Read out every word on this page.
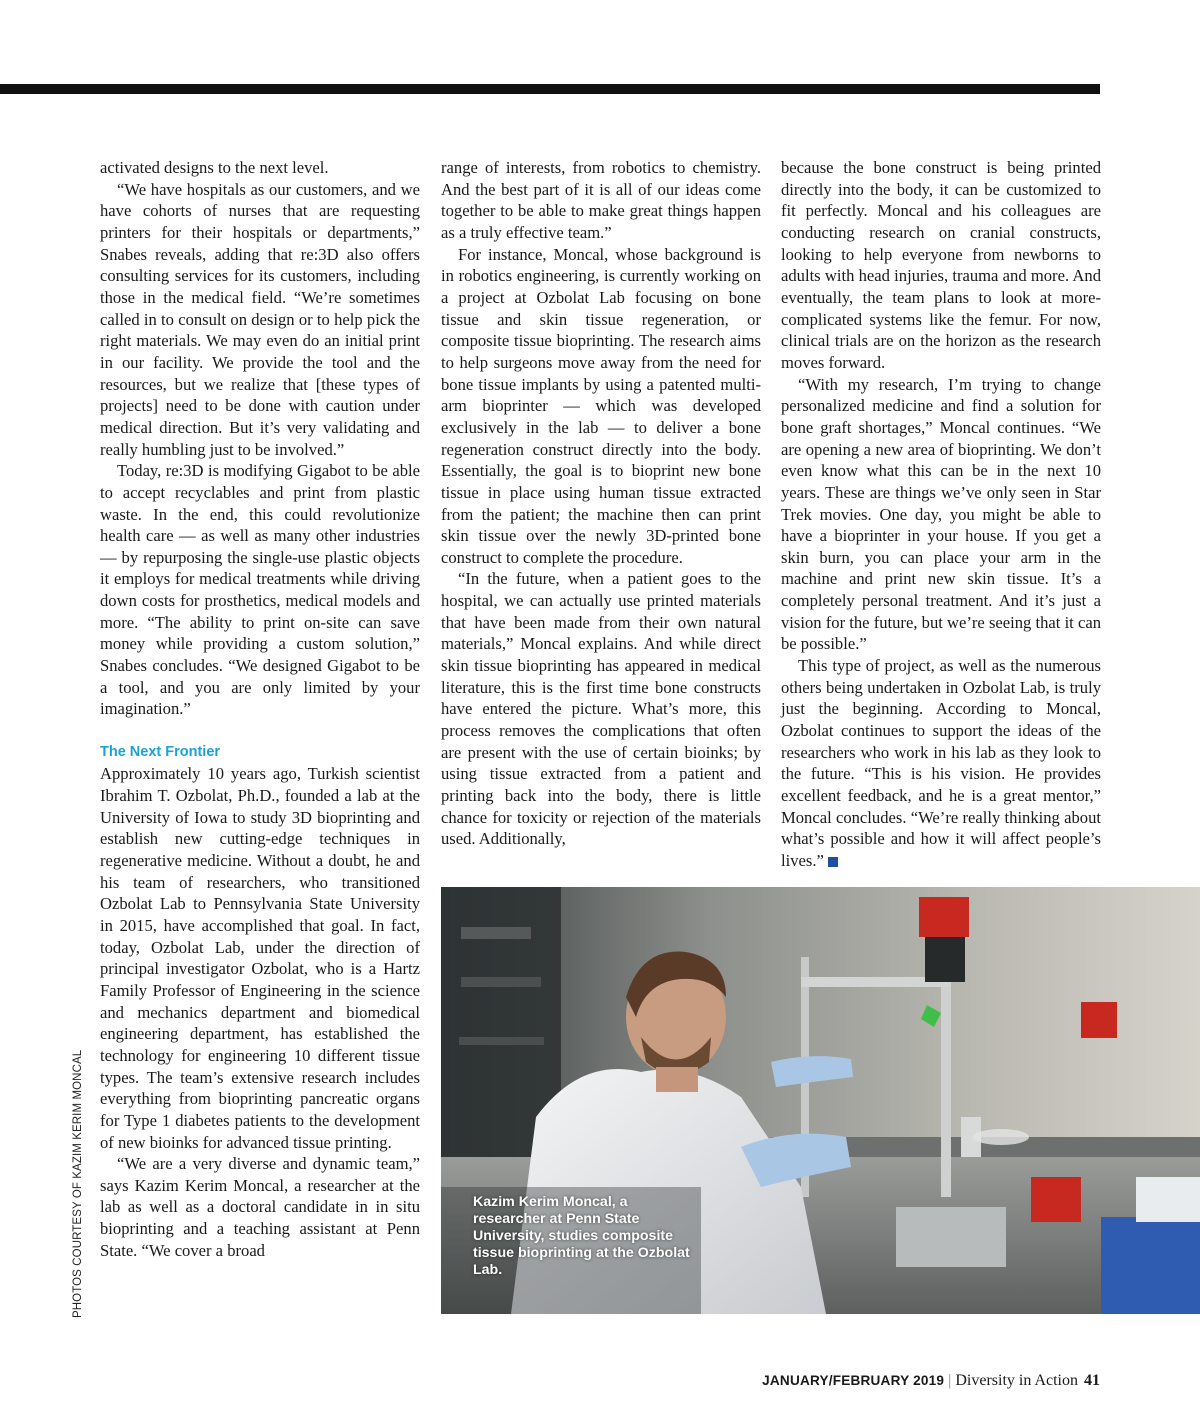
activated designs to the next level.

“We have hospitals as our customers, and we have cohorts of nurses that are requesting printers for their hospitals or departments,” Snabes reveals, adding that re:3D also offers consulting services for its customers, including those in the medical field. “We’re sometimes called in to consult on design or to help pick the right materials. We may even do an initial print in our facility. We provide the tool and the resources, but we realize that [these types of projects] need to be done with caution under medical direction. But it’s very validating and really humbling just to be involved.”

Today, re:3D is modifying Gigabot to be able to accept recyclables and print from plastic waste. In the end, this could revolutionize health care — as well as many other industries — by repurposing the single-use plastic objects it employs for medical treatments while driving down costs for prosthetics, medical models and more. “The ability to print on-site can save money while providing a custom solution,” Snabes concludes. “We designed Gigabot to be a tool, and you are only limited by your imagination.”

The Next Frontier

Approximately 10 years ago, Turkish scientist Ibrahim T. Ozbolat, Ph.D., founded a lab at the University of Iowa to study 3D bioprinting and establish new cutting-edge techniques in regenerative medicine. Without a doubt, he and his team of researchers, who transitioned Ozbolat Lab to Pennsylvania State University in 2015, have accomplished that goal. In fact, today, Ozbolat Lab, under the direction of principal investigator Ozbolat, who is a Hartz Family Professor of Engineering in the science and mechanics department and biomedical engineering department, has established the technology for engineering 10 different tissue types. The team’s extensive research includes everything from bioprinting pancreatic organs for Type 1 diabetes patients to the development of new bioinks for advanced tissue printing.

“We are a very diverse and dynamic team,” says Kazim Kerim Moncal, a researcher at the lab as well as a doctoral candidate in in situ bioprinting and a teaching assistant at Penn State. “We cover a broad

range of interests, from robotics to chemistry. And the best part of it is all of our ideas come together to be able to make great things happen as a truly effective team.”

For instance, Moncal, whose background is in robotics engineering, is currently working on a project at Ozbolat Lab focusing on bone tissue and skin tissue regeneration, or composite tissue bioprinting. The research aims to help surgeons move away from the need for bone tissue implants by using a patented multi-arm bioprinter — which was developed exclusively in the lab — to deliver a bone regeneration construct directly into the body. Essentially, the goal is to bioprint new bone tissue in place using human tissue extracted from the patient; the machine then can print skin tissue over the newly 3D-printed bone construct to complete the procedure.

“In the future, when a patient goes to the hospital, we can actually use printed materials that have been made from their own natural materials,” Moncal explains. And while direct skin tissue bioprinting has appeared in medical literature, this is the first time bone constructs have entered the picture. What’s more, this process removes the complications that often are present with the use of certain bioinks; by using tissue extracted from a patient and printing back into the body, there is little chance for toxicity or rejection of the materials used. Additionally,

because the bone construct is being printed directly into the body, it can be customized to fit perfectly. Moncal and his colleagues are conducting research on cranial constructs, looking to help everyone from newborns to adults with head injuries, trauma and more. And eventually, the team plans to look at more-complicated systems like the femur. For now, clinical trials are on the horizon as the research moves forward.

“With my research, I’m trying to change personalized medicine and find a solution for bone graft shortages,” Moncal continues. “We are opening a new area of bioprinting. We don’t even know what this can be in the next 10 years. These are things we’ve only seen in Star Trek movies. One day, you might be able to have a bioprinter in your house. If you get a skin burn, you can place your arm in the machine and print new skin tissue. It’s a completely personal treatment. And it’s just a vision for the future, but we’re seeing that it can be possible.”

This type of project, as well as the numerous others being undertaken in Ozbolat Lab, is truly just the beginning. According to Moncal, Ozbolat continues to support the ideas of the researchers who work in his lab as they look to the future. “This is his vision. He provides excellent feedback, and he is a great mentor,” Moncal concludes. “We’re really thinking about what’s possible and how it will affect people’s lives.”

Kazim Kerim Moncal, a researcher at Penn State University, studies composite tissue bioprinting at the Ozbolat Lab.
PHOTOS COURTESY OF KAZIM KERIM MONCAL
JANUARY/FEBRUARY 2019 | Diversity in Action 41
